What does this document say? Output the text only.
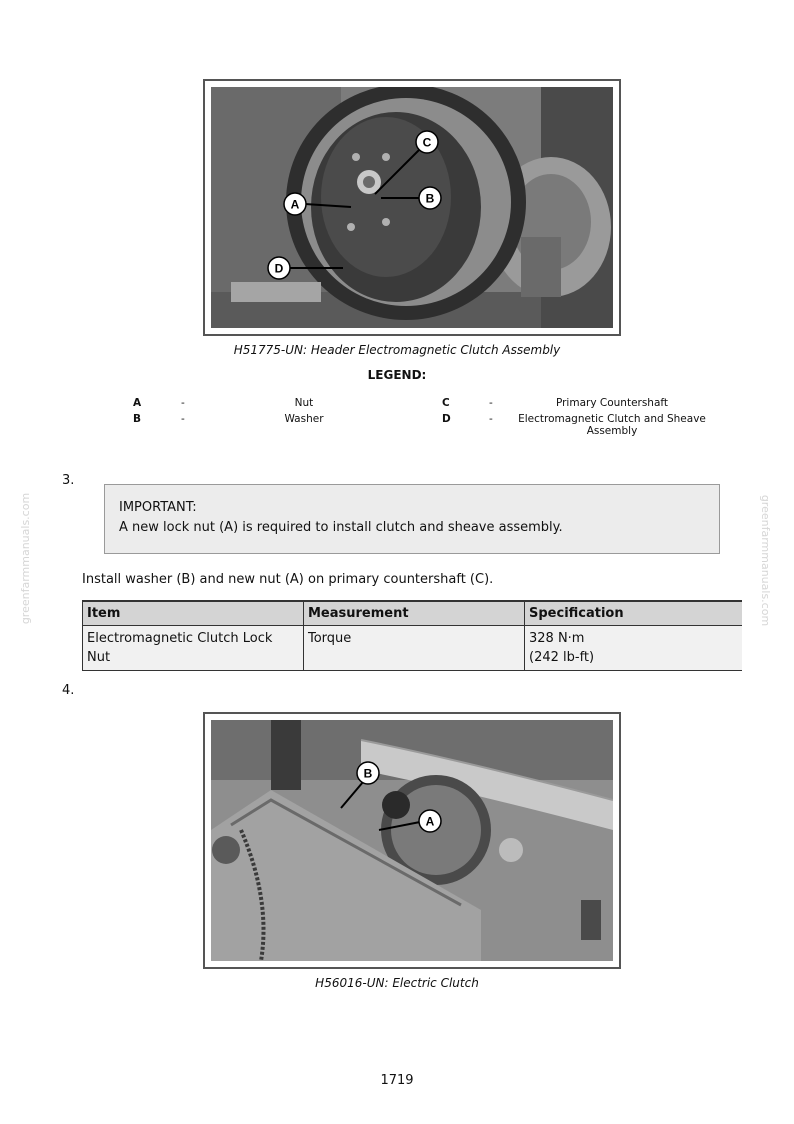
C
B
A
D
H51775-UN: Header Electromagnetic Clutch Assembly
LEGEND:
A	-	Nut
B	-	Washer
C	-	Primary Countershaft
D	-	Electromagnetic Clutch and Sheave Assembly
3.
IMPORTANT:
A new lock nut (A) is required to install clutch and sheave assembly.
Install washer (B) and new nut (A) on primary countershaft (C).
Item	Measurement	Specification
Electromagnetic Clutch Lock Nut	Torque	328 N·m
(242 lb-ft)
4.
B
A
H56016-UN: Electric Clutch
greenfarmmanuals.com	greenfarmmanuals.com
1719
